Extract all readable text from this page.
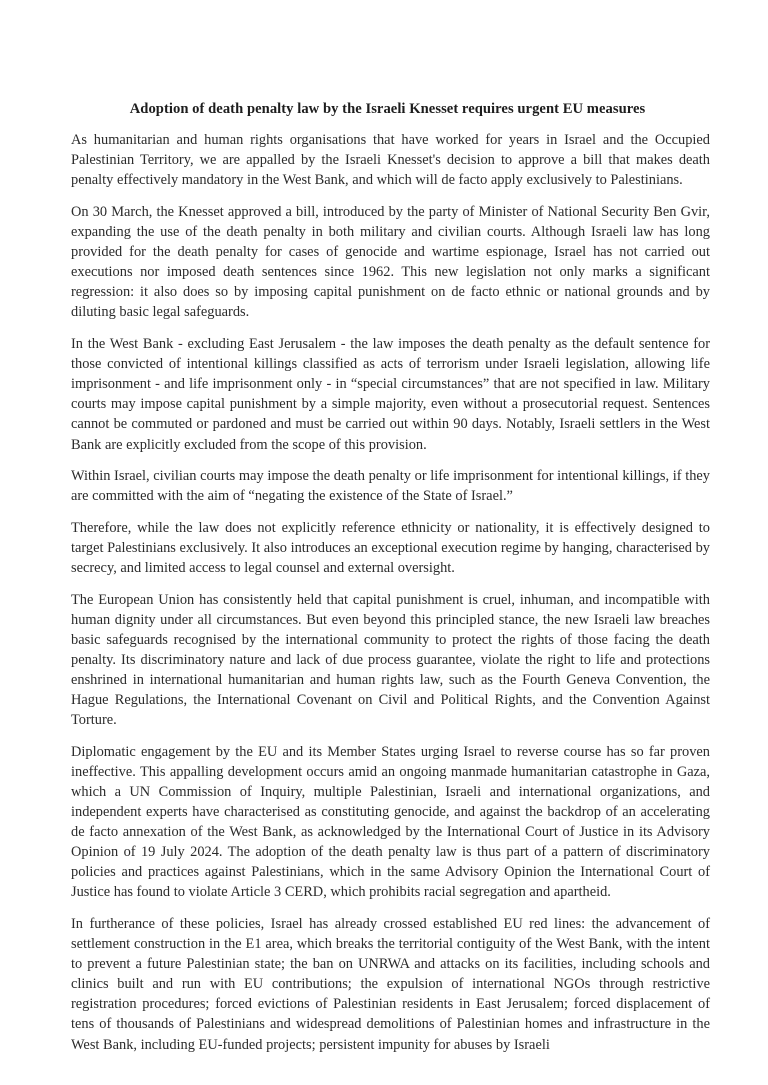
Adoption of death penalty law by the Israeli Knesset requires urgent EU measures

As humanitarian and human rights organisations that have worked for years in Israel and the Occupied Palestinian Territory, we are appalled by the Israeli Knesset's decision to approve a bill that makes death penalty effectively mandatory in the West Bank, and which will de facto apply exclusively to Palestinians.

On 30 March, the Knesset approved a bill, introduced by the party of Minister of National Security Ben Gvir, expanding the use of the death penalty in both military and civilian courts. Although Israeli law has long provided for the death penalty for cases of genocide and wartime espionage, Israel has not carried out executions nor imposed death sentences since 1962. This new legislation not only marks a significant regression: it also does so by imposing capital punishment on de facto ethnic or national grounds and by diluting basic legal safeguards.

In the West Bank - excluding East Jerusalem - the law imposes the death penalty as the default sentence for those convicted of intentional killings classified as acts of terrorism under Israeli legislation, allowing life imprisonment - and life imprisonment only - in “special circumstances” that are not specified in law. Military courts may impose capital punishment by a simple majority, even without a prosecutorial request. Sentences cannot be commuted or pardoned and must be carried out within 90 days. Notably, Israeli settlers in the West Bank are explicitly excluded from the scope of this provision.

Within Israel, civilian courts may impose the death penalty or life imprisonment for intentional killings, if they are committed with the aim of “negating the existence of the State of Israel.”

Therefore, while the law does not explicitly reference ethnicity or nationality, it is effectively designed to target Palestinians exclusively. It also introduces an exceptional execution regime by hanging, characterised by secrecy, and limited access to legal counsel and external oversight.

The European Union has consistently held that capital punishment is cruel, inhuman, and incompatible with human dignity under all circumstances. But even beyond this principled stance, the new Israeli law breaches basic safeguards recognised by the international community to protect the rights of those facing the death penalty. Its discriminatory nature and lack of due process guarantee, violate the right to life and protections enshrined in international humanitarian and human rights law, such as the Fourth Geneva Convention, the Hague Regulations, the International Covenant on Civil and Political Rights, and the Convention Against Torture.

Diplomatic engagement by the EU and its Member States urging Israel to reverse course has so far proven ineffective. This appalling development occurs amid an ongoing manmade humanitarian catastrophe in Gaza, which a UN Commission of Inquiry, multiple Palestinian, Israeli and international organizations, and independent experts have characterised as constituting genocide, and against the backdrop of an accelerating de facto annexation of the West Bank, as acknowledged by the International Court of Justice in its Advisory Opinion of 19 July 2024. The adoption of the death penalty law is thus part of a pattern of discriminatory policies and practices against Palestinians, which in the same Advisory Opinion the International Court of Justice has found to violate Article 3 CERD, which prohibits racial segregation and apartheid.

In furtherance of these policies, Israel has already crossed established EU red lines: the advancement of settlement construction in the E1 area, which breaks the territorial contiguity of the West Bank, with the intent to prevent a future Palestinian state; the ban on UNRWA and attacks on its facilities, including schools and clinics built and run with EU contributions; the expulsion of international NGOs through restrictive registration procedures; forced evictions of Palestinian residents in East Jerusalem; forced displacement of tens of thousands of Palestinians and widespread demolitions of Palestinian homes and infrastructure in the West Bank, including EU-funded projects; persistent impunity for abuses by Israeli
